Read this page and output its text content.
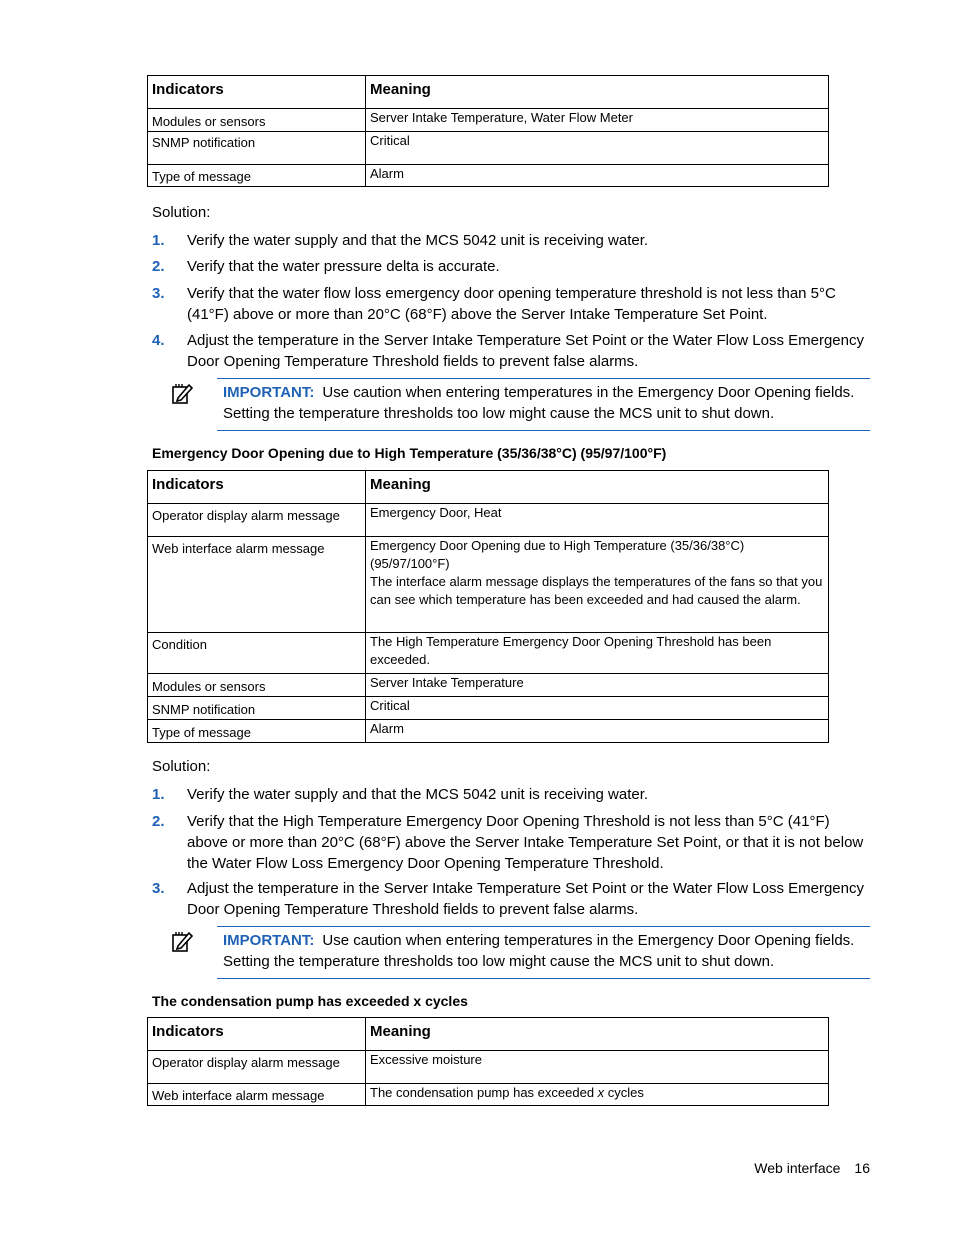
Indicators	Meaning
Modules or sensors	Server Intake Temperature, Water Flow Meter
SNMP notification	Critical
Type of message	Alarm
Solution:
1. Verify the water supply and that the MCS 5042 unit is receiving water.
2. Verify that the water pressure delta is accurate.
3. Verify that the water flow loss emergency door opening temperature threshold is not less than 5°C (41°F) above or more than 20°C (68°F) above the Server Intake Temperature Set Point.
4. Adjust the temperature in the Server Intake Temperature Set Point or the Water Flow Loss Emergency Door Opening Temperature Threshold fields to prevent false alarms.
IMPORTANT: Use caution when entering temperatures in the Emergency Door Opening fields. Setting the temperature thresholds too low might cause the MCS unit to shut down.
Emergency Door Opening due to High Temperature (35/36/38°C) (95/97/100°F)
Indicators	Meaning
Operator display alarm message	Emergency Door, Heat
Web interface alarm message	Emergency Door Opening due to High Temperature (35/36/38°C) (95/97/100°F)
The interface alarm message displays the temperatures of the fans so that you can see which temperature has been exceeded and had caused the alarm.

Condition	The High Temperature Emergency Door Opening Threshold has been exceeded.
Modules or sensors	Server Intake Temperature
SNMP notification	Critical
Type of message	Alarm
Solution:
1. Verify the water supply and that the MCS 5042 unit is receiving water.
2. Verify that the High Temperature Emergency Door Opening Threshold is not less than 5°C (41°F) above or more than 20°C (68°F) above the Server Intake Temperature Set Point, or that it is not below the Water Flow Loss Emergency Door Opening Temperature Threshold.
3. Adjust the temperature in the Server Intake Temperature Set Point or the Water Flow Loss Emergency Door Opening Temperature Threshold fields to prevent false alarms.
IMPORTANT: Use caution when entering temperatures in the Emergency Door Opening fields. Setting the temperature thresholds too low might cause the MCS unit to shut down.
The condensation pump has exceeded x cycles
Indicators	Meaning
Operator display alarm message	Excessive moisture
Web interface alarm message	The condensation pump has exceeded x cycles
Web interface 16
